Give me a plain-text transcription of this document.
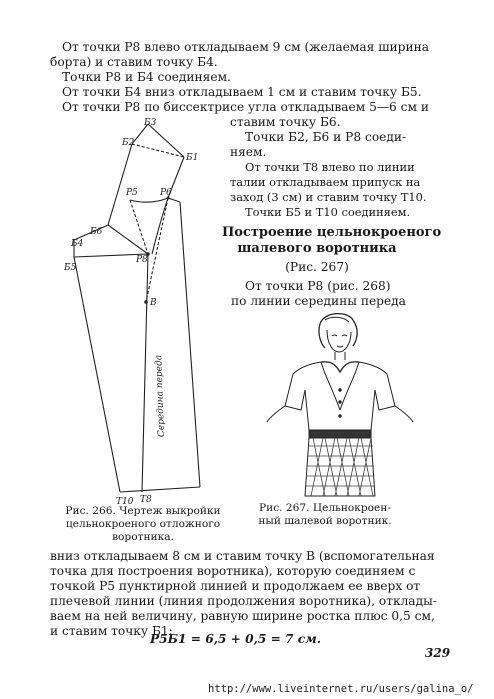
От точки Р8 влево откладываем 9 см (желаемая ширина
борта) и ставим точку Б4.
Точки Р8 и Б4 соединяем.
От точки Б4 вниз откладываем 1 см и ставим точку Б5.
От точки Р8 по биссектрисе угла откладываем 5—6 см и
ставим точку Б6.
Точки Б2, Б6 и Р8 соеди-
няем.
От точки Т8 влево по линии
талии откладываем припуск на
заход (3 см) и ставим точку Т10.
Точки Б5 и Т10 соединяем.
Построение цельнокроеного
шалевого воротника
(Рис. 267)
От точки Р8 (рис. 268)
по линии середины переда
Б3
Б2
Б1
Р5 Р6
Б6
Б4
Б5
Р8
В
Т10 Т8
Середина переда
Рис. 266. Чертеж выкройки
цельнокроеного отложного
воротника.
Рис. 267. Цельнокроен-
ный шалевой воротник.
вниз откладываем 8 см и ставим точку В (вспомогательная
точка для построения воротника), которую соединяем с
точкой Р5 пунктирной линией и продолжаем ее вверх от
плечевой линии (линия продолжения воротника), отклады-
ваем на ней величину, равную ширине ростка плюс 0,5 см,
и ставим точку Б1:
Р5Б1 = 6,5 + 0,5 = 7 см.
329
http://www.liveinternet.ru/users/galina_o/
